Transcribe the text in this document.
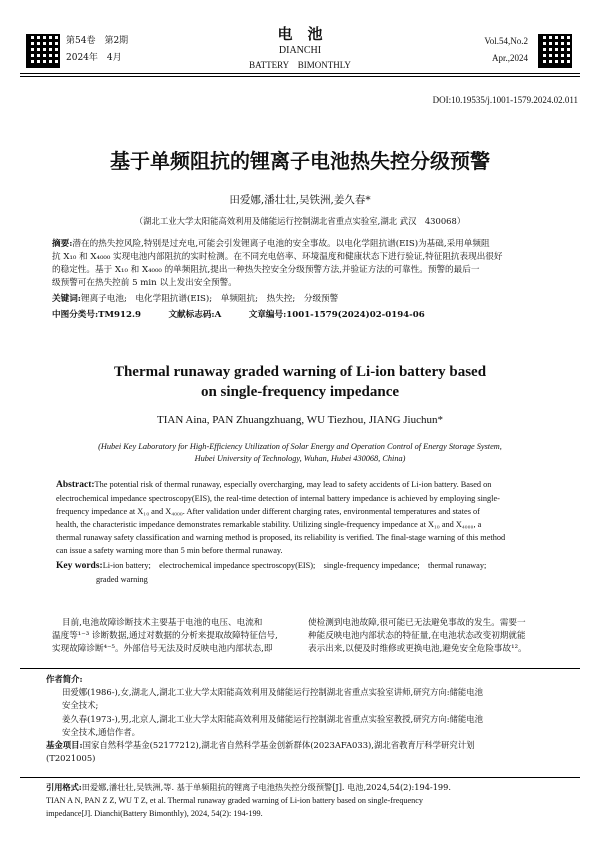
第54卷　第2期
2024年　4月
电　池
DIANCHI
BATTERY　BIMONTHLY
Vol.54,No.2
Apr.,2024
DOI:10.19535/j.1001-1579.2024.02.011
基于单频阻抗的锂离子电池热失控分级预警
田爱娜,潘壮壮,吴铁洲,姜久春*
（湖北工业大学太阳能高效利用及储能运行控制湖北省重点实验室,湖北 武汉　430068）
摘要:潜在的热失控风险,特别是过充电,可能会引发锂离子电池的安全事故。以电化学阻抗谱(EIS)为基础,采用单频阻
抗 X₁₀ 和 X₄₀₀₀ 实现电池内部阻抗的实时检测。在不同充电倍率、环境温度和健康状态下进行验证,特征阻抗表现出很好
的稳定性。基于 X₁₀ 和 X₄₀₀₀ 的单频阻抗,提出一种热失控安全分级预警方法,并验证方法的可靠性。预警的最后一
级预警可在热失控前 5 min 以上发出安全预警。
关键词:锂离子电池;　电化学阻抗谱(EIS);　单频阻抗;　热失控;　分级预警
中图分类号:TM912.9	文献标志码:A	文章编号:1001-1579(2024)02-0194-06
Thermal runaway graded warning of Li-ion battery based
on single-frequency impedance
TIAN Aina, PAN Zhuangzhuang, WU Tiezhou, JIANG Jiuchun*
(Hubei Key Laboratory for High-Efficiency Utilization of Solar Energy and Operation Control of Energy Storage System,
Hubei University of Technology, Wuhan, Hubei 430068, China)
Abstract:The potential risk of thermal runaway, especially overcharging, may lead to safety accidents of Li-ion battery. Based on
electrochemical impedance spectroscopy(EIS), the real-time detection of internal battery impedance is achieved by employing single-
frequency impedance at X₁₀ and X₄₀₀₀. After validation under different charging rates, environmental temperatures and states of
health, the characteristic impedance demonstrates remarkable stability. Utilizing single-frequency impedance at X₁₀ and X₄₀₀₀, a
thermal runaway safety classification and warning method is proposed, its reliability is verified. The final-stage warning of this method
can issue a safety warning more than 5 min before thermal runaway.
Key words:Li-ion battery;　electrochemical impedance spectroscopy(EIS);　single-frequency impedance;　thermal runaway;
graded warning
目前,电池故障诊断技术主要基于电池的电压、电流和
温度等¹⁻³ 诊断数据,通过对数据的分析来提取故障特征信号,
实现故障诊断⁴⁻⁵。外部信号无法及时反映电池内部状态,即
使检测到电池故障,很可能已无法避免事故的发生。需要一
种能反映电池内部状态的特征量,在电池状态改变初期就能
表示出来,以便及时维修或更换电池,避免安全危险事故¹²。
作者简介:
田爱娜(1986-),女,湖北人,湖北工业大学太阳能高效利用及储能运行控制湖北省重点实验室讲师,研究方向:储能电池
安全技术;
姜久春(1973-),男,北京人,湖北工业大学太阳能高效利用及储能运行控制湖北省重点实验室教授,研究方向:储能电池
安全技术,通信作者。
基金项目:国家自然科学基金(52177212),湖北省自然科学基金创新群体(2023AFA033),湖北省教育厅科学研究计划
(T2021005)
引用格式:田爱娜,潘壮壮,吴铁洲,等. 基于单频阻抗的锂离子电池热失控分级预警[J]. 电池,2024,54(2):194-199.
TIAN A N, PAN Z Z, WU T Z, et al. Thermal runaway graded warning of Li-ion battery based on single-frequency
impedance[J]. Dianchi(Battery Bimonthly), 2024, 54(2): 194-199.
